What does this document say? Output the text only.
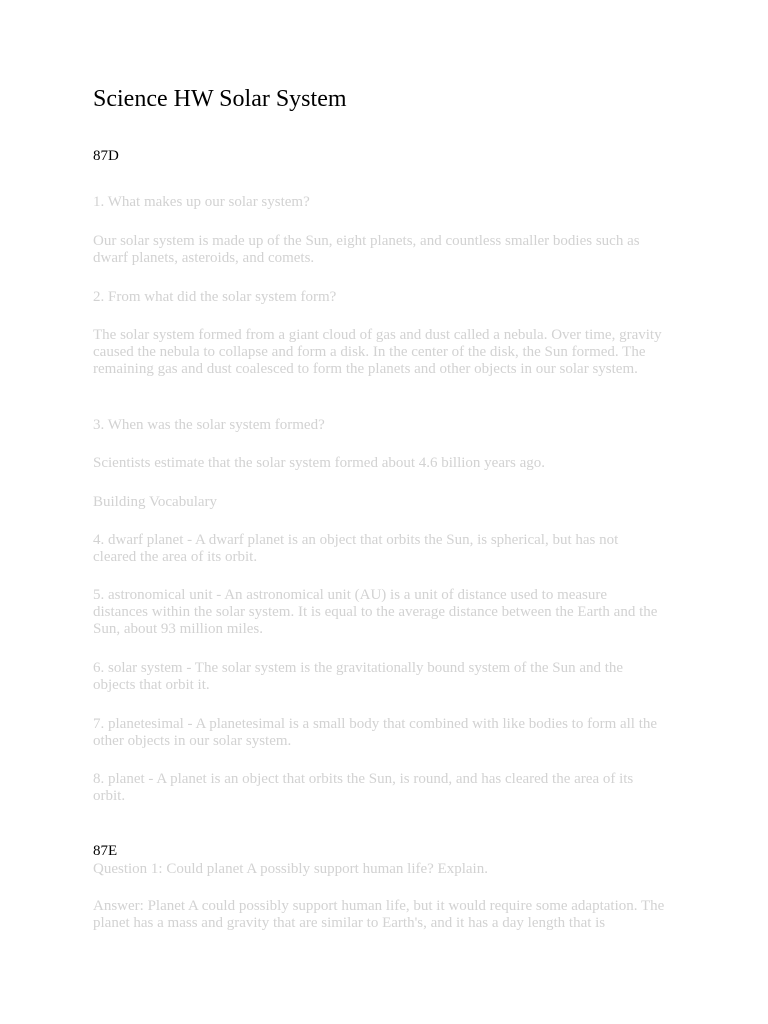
Science HW Solar System

87D

1. What makes up our solar system?

Our solar system is made up of the Sun, eight planets, and countless smaller bodies such as dwarf planets, asteroids, and comets.

2. From what did the solar system form?

The solar system formed from a giant cloud of gas and dust called a nebula. Over time, gravity caused the nebula to collapse and form a disk. In the center of the disk, the Sun formed. The remaining gas and dust coalesced to form the planets and other objects in our solar system.

3. When was the solar system formed?

Scientists estimate that the solar system formed about 4.6 billion years ago.

Building Vocabulary

4. dwarf planet - A dwarf planet is an object that orbits the Sun, is spherical, but has not cleared the area of its orbit.

5. astronomical unit - An astronomical unit (AU) is a unit of distance used to measure distances within the solar system. It is equal to the average distance between the Earth and the Sun, about 93 million miles.

6. solar system - The solar system is the gravitationally bound system of the Sun and the objects that orbit it.

7. planetesimal - A planetesimal is a small body that combined with like bodies to form all the other objects in our solar system.

8. planet - A planet is an object that orbits the Sun, is round, and has cleared the area of its orbit.

87E

Question 1: Could planet A possibly support human life? Explain.

Answer: Planet A could possibly support human life, but it would require some adaptation. The planet has a mass and gravity that are similar to Earth's, and it has a day length that is
